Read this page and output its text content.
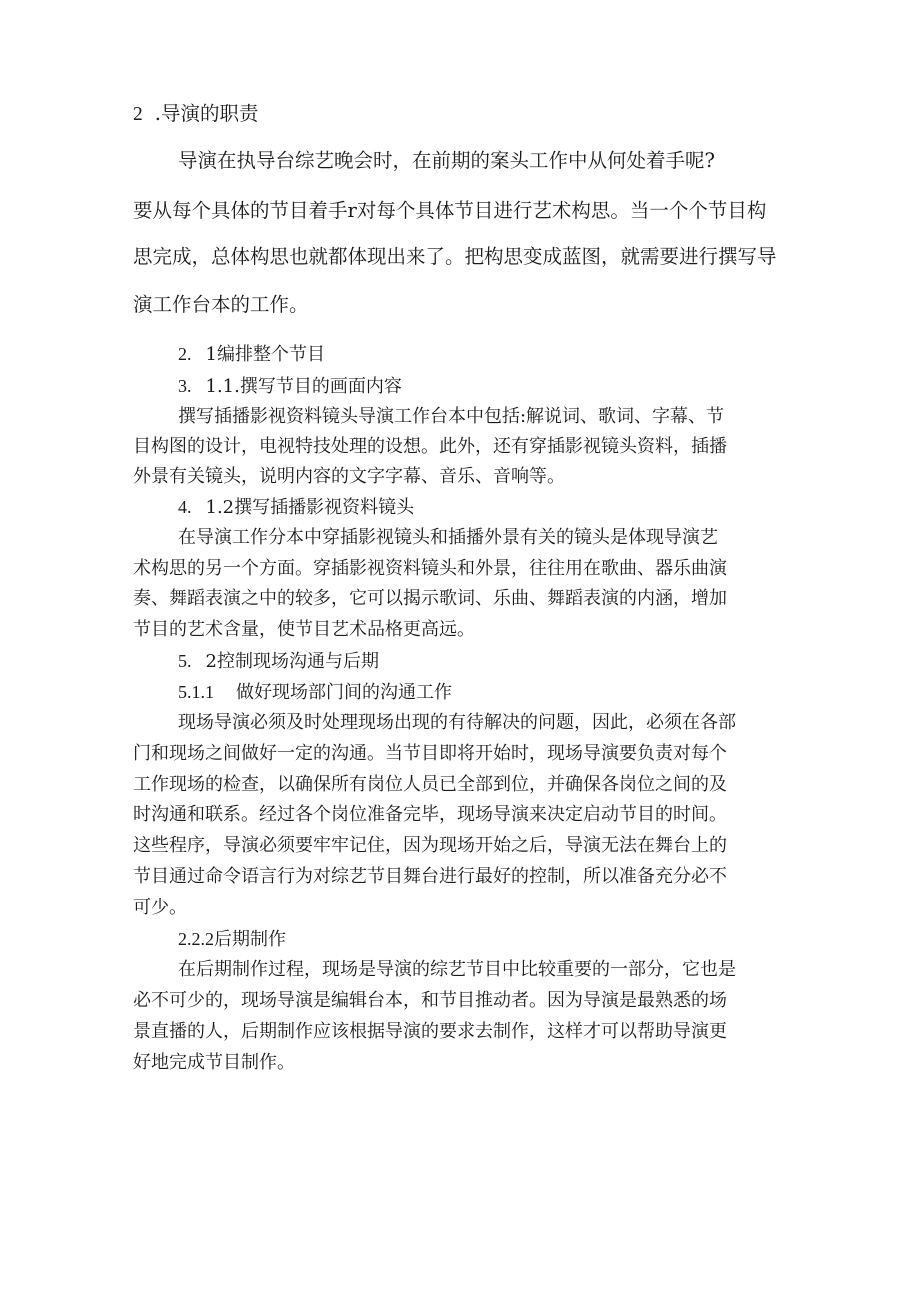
2 .导演的职责
导演在执导台综艺晚会时，在前期的案头工作中从何处着手呢?
要从每个具体的节目着手r对每个具体节目进行艺术构思。当一个个节目构
思完成，总体构思也就都体现出来了。把构思变成蓝图，就需要进行撰写导
演工作台本的工作。
2. 1编排整个节目
3. 1.1.撰写节目的画面内容
撰写插播影视资料镜头导演工作台本中包括:解说词、歌词、字幕、节
目构图的设计，电视特技处理的设想。此外，还有穿插影视镜头资料，插播
外景有关镜头，说明内容的文字字幕、音乐、音响等。
4. 1.2撰写插播影视资料镜头
在导演工作分本中穿插影视镜头和插播外景有关的镜头是体现导演艺
术构思的另一个方面。穿插影视资料镜头和外景，往往用在歌曲、器乐曲演
奏、舞蹈表演之中的较多，它可以揭示歌词、乐曲、舞蹈表演的内涵，增加
节目的艺术含量，使节目艺术品格更高远。
5. 2控制现场沟通与后期
5.1.1 做好现场部门间的沟通工作
现场导演必须及时处理现场出现的有待解决的问题，因此，必须在各部
门和现场之间做好一定的沟通。当节目即将开始时，现场导演要负责对每个
工作现场的检查，以确保所有岗位人员已全部到位，并确保各岗位之间的及
时沟通和联系。经过各个岗位准备完毕，现场导演来决定启动节目的时间。
这些程序，导演必须要牢牢记住，因为现场开始之后，导演无法在舞台上的
节目通过命令语言行为对综艺节目舞台进行最好的控制，所以准备充分必不
可少。
2.2.2后期制作
在后期制作过程，现场是导演的综艺节目中比较重要的一部分，它也是
必不可少的，现场导演是编辑台本，和节目推动者。因为导演是最熟悉的场
景直播的人，后期制作应该根据导演的要求去制作，这样才可以帮助导演更
好地完成节目制作。
